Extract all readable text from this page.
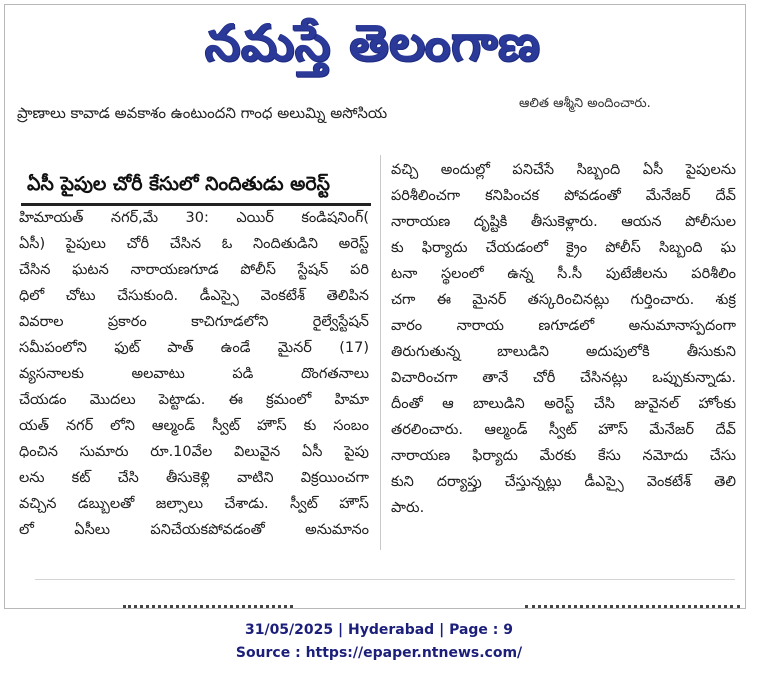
నమస్తే తెలంగాణ
ప్రాణాలు కావాడ అవకాశం ఉంటుందని గాంధ అలుమ్ని అసోసియ
ఆలిత ఆశ్మీని అందించారు.
ఏసీ పైపుల చోరీ కేసులో నిందితుడు అరెస్ట్
హిమాయత్ నగర్,మే 30: ఎయిర్ కండిషనింగ్(
ఏసీ) పైపులు చోరీ చేసిన ఓ నిందితుడిని అరెస్ట్
చేసిన ఘటన నారాయణగూడ పోలీస్ స్టేషన్ పరి
ధిలో చోటు చేసుకుంది. డీఎస్సై వెంకటేశ్ తెలిపిన
వివరాల ప్రకారం కాచిగూడలోని రైల్వేస్టేషన్
సమీపంలోని ఫుట్ పాత్ ఉండే మైనర్ (17)
వ్యసనాలకు అలవాటు పడి దొంగతనాలు
చేయడం మొదలు పెట్టాడు. ఈ క్రమంలో హిమా
యత్ నగర్ లోని ఆల్మండ్ స్వీట్ హౌస్ కు సంబం
ధించిన సుమారు రూ.10వేల విలువైన ఏసీ పైపు
లను కట్ చేసి తీసుకెళ్లి వాటిని విక్రయించగా
వచ్చిన డబ్బులతో జల్సాలు చేశాడు. స్వీట్ హౌస్
లో ఏసీలు పనిచేయకపోవడంతో అనుమానం
వచ్చి అందుల్లో పనిచేసే సిబ్బంది ఏసీ పైపులను
పరిశీలించగా కనిపించక పోవడంతో మేనేజర్ దేవ్
నారాయణ దృష్టికి తీసుకెళ్లారు. ఆయన పోలీసుల
కు ఫిర్యాదు చేయడంలో క్రైం పోలీస్ సిబ్బంది ఘ
టనా స్థలంలో ఉన్న సీ.సీ పుటేజీలను పరిశీలిం
చగా ఈ మైనర్ తస్కరించినట్లు గుర్తించారు. శుక్ర
వారం నారాయ ణగూడలో అనుమానాస్పదంగా
తిరుగుతున్న బాలుడిని అదుపులోకి తీసుకుని
విచారించగా తానే చోరీ చేసినట్లు ఒప్పుకున్నాడు.
దీంతో ఆ బాలుడిని అరెస్ట్ చేసి జువైనల్ హోంకు
తరలించారు. ఆల్మండ్ స్వీట్ హౌస్ మేనేజర్ దేవ్
నారాయణ ఫిర్యాదు మేరకు కేసు నమోదు చేసు
కుని దర్యాప్తు చేస్తున్నట్లు డీఎస్సై వెంకటేశ్ తెలి
పారు.
31/05/2025 | Hyderabad | Page : 9
Source : https://epaper.ntnews.com/
